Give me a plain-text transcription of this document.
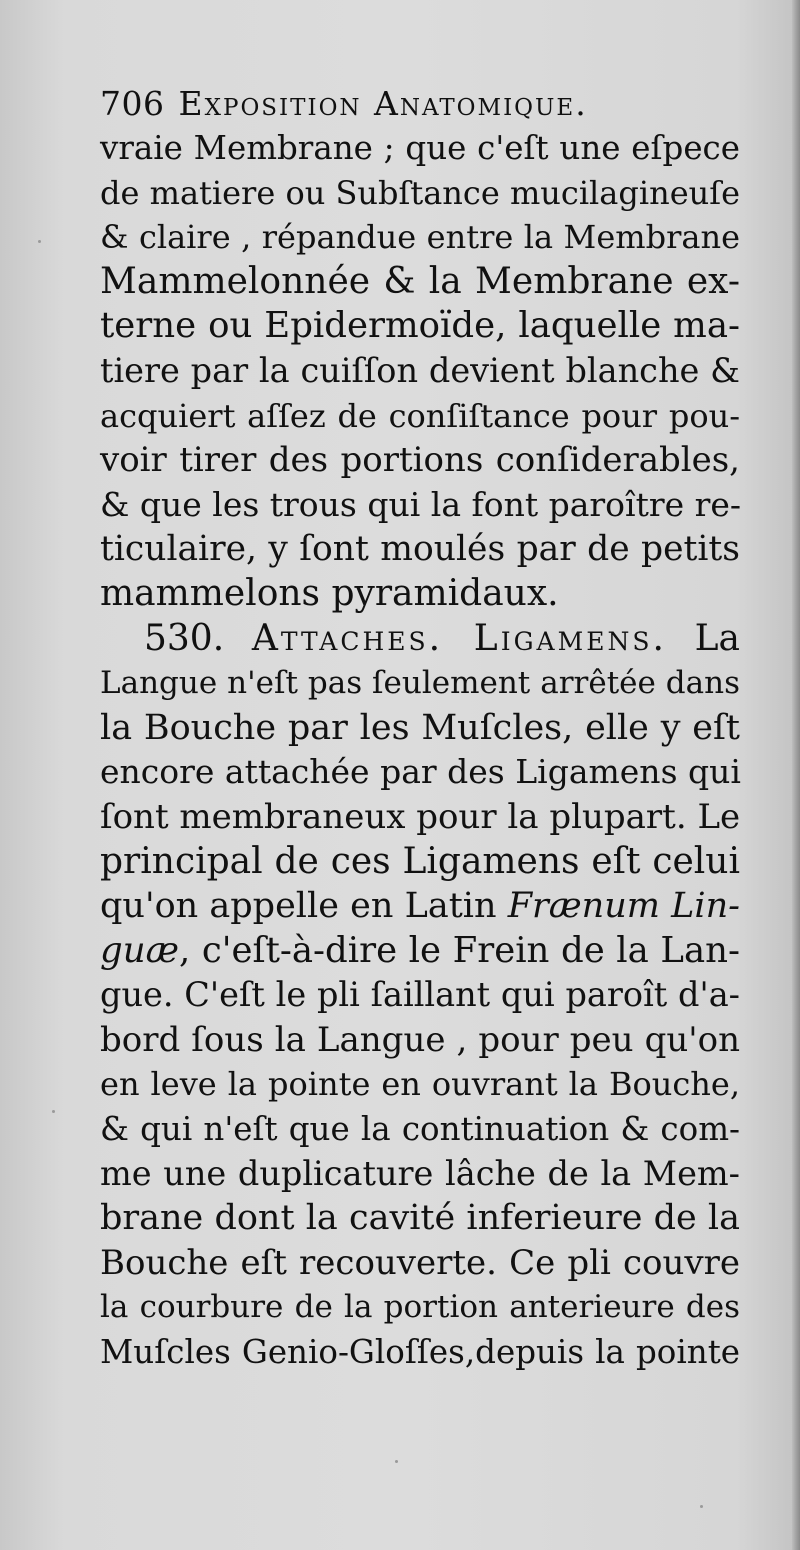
706 Exposition Anatomique.
vraie Membrane ; que c'eſt une eſpece
de matiere ou Subſtance mucilagineuſe
& claire , répandue entre la Membrane
Mammelonnée & la Membrane ex-
terne ou Epidermoïde, laquelle ma-
tiere par la cuiſſon devient blanche &
acquiert aſſez de conſiſtance pour pou-
voir tirer des portions conſiderables,
& que les trous qui la font paroître re-
ticulaire, y ſont moulés par de petits
mammelons pyramidaux.
530. Attaches. Ligamens. La
Langue n'eſt pas ſeulement arrêtée dans
la Bouche par les Muſcles, elle y eſt
encore attachée par des Ligamens qui
ſont membraneux pour la plupart. Le
principal de ces Ligamens eſt celui
qu'on appelle en Latin Frænum Lin-
guæ, c'eſt-à-dire le Frein de la Lan-
gue. C'eſt le pli ſaillant qui paroît d'a-
bord ſous la Langue , pour peu qu'on
en leve la pointe en ouvrant la Bouche,
& qui n'eſt que la continuation & com-
me une duplicature lâche de la Mem-
brane dont la cavité inferieure de la
Bouche eſt recouverte. Ce pli couvre
la courbure de la portion anterieure des
Muſcles Genio-Gloſſes,depuis la pointe
